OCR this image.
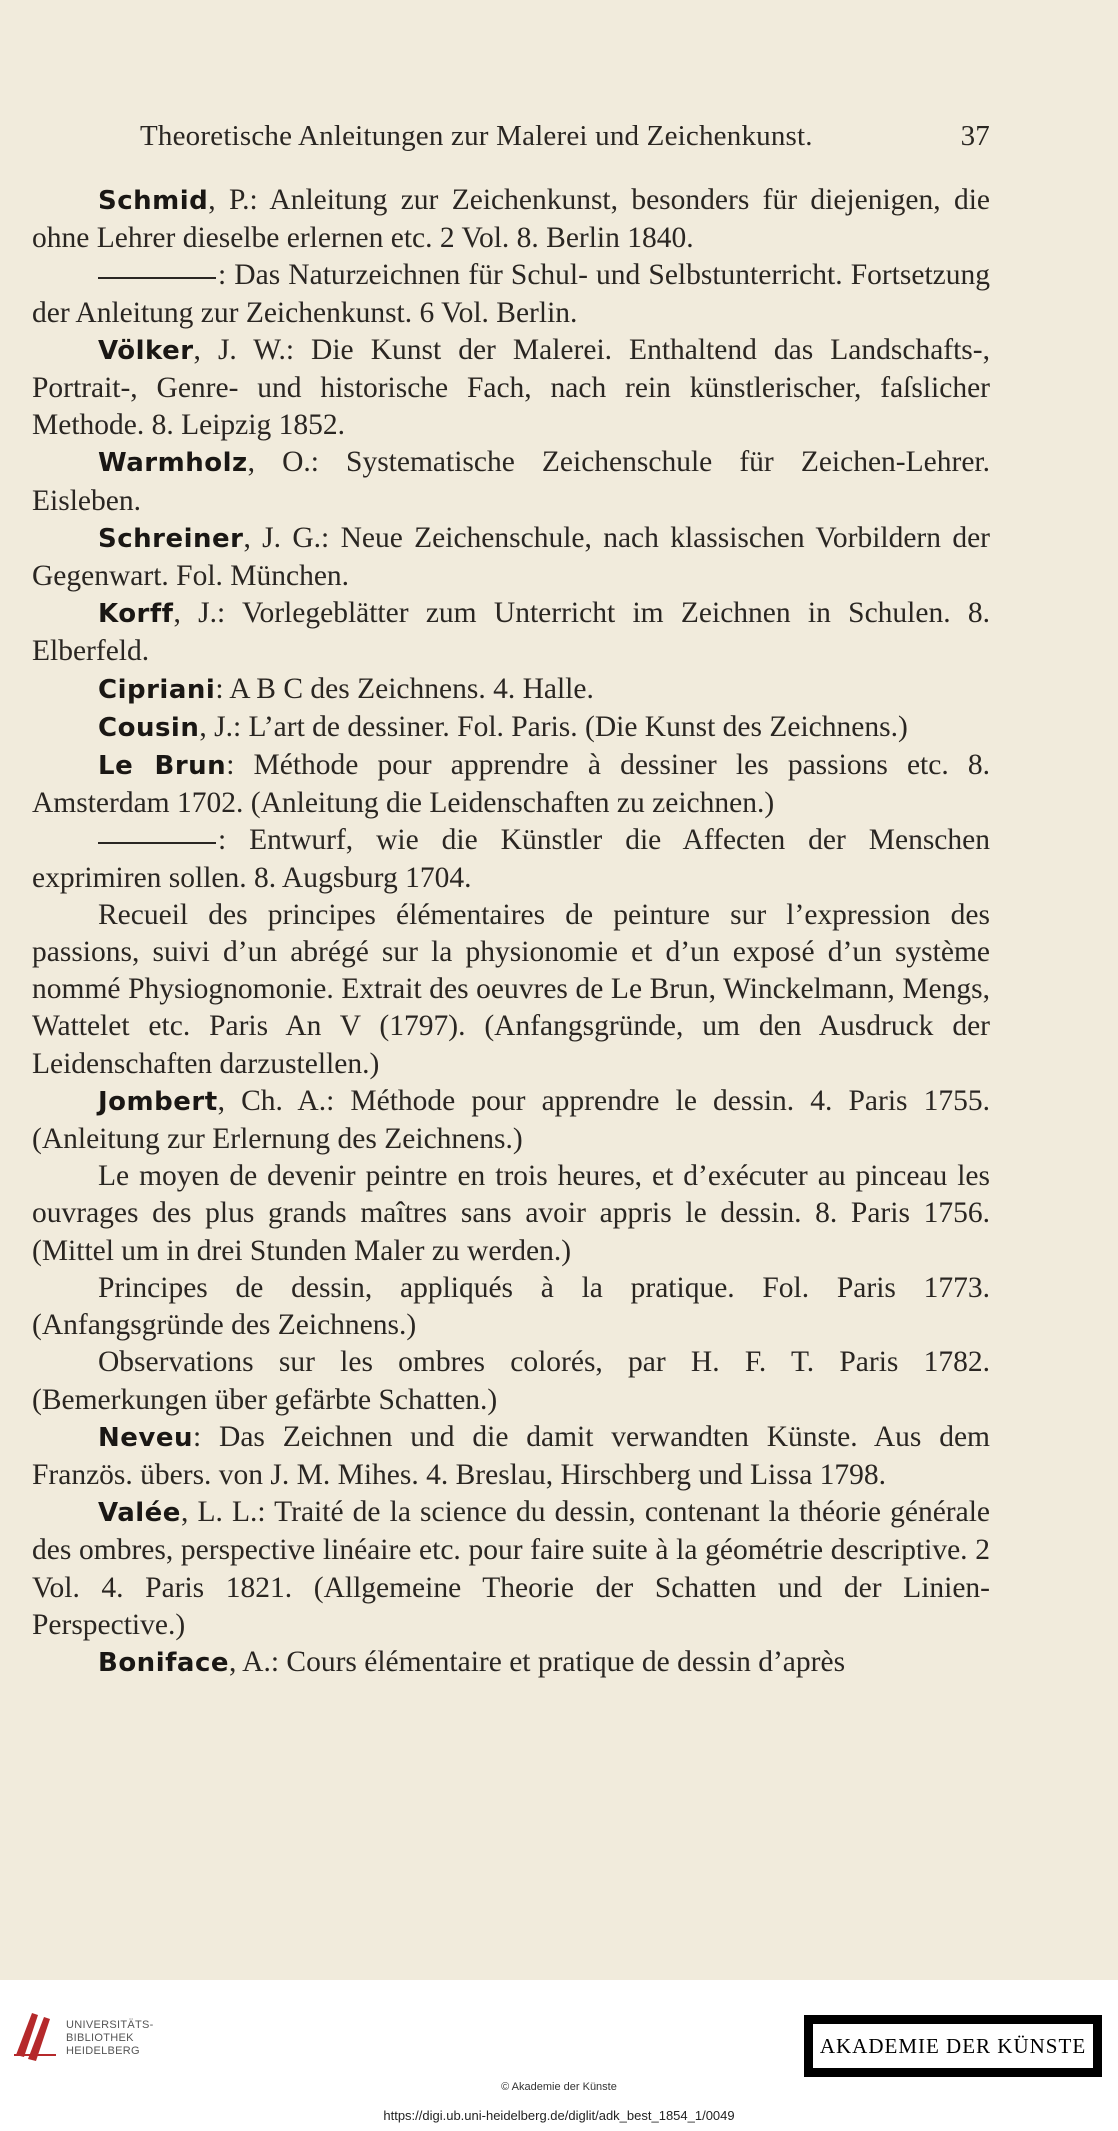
Theoretische Anleitungen zur Malerei und Zeichenkunst.	37

Schmid, P.: Anleitung zur Zeichenkunst, besonders für diejenigen, die ohne Lehrer dieselbe erlernen etc. 2 Vol. 8. Berlin 1840.

: Das Naturzeichnen für Schul- und Selbstunterricht. Fortsetzung der Anleitung zur Zeichenkunst. 6 Vol. Berlin.

Völker, J. W.: Die Kunst der Malerei. Enthaltend das Landschafts-, Portrait-, Genre- und historische Fach, nach rein künstlerischer, faſslicher Methode. 8. Leipzig 1852.

Warmholz, O.: Systematische Zeichenschule für Zeichen-Lehrer. Eisleben.

Schreiner, J. G.: Neue Zeichenschule, nach klassischen Vorbildern der Gegenwart. Fol. München.

Korff, J.: Vorlegeblätter zum Unterricht im Zeichnen in Schulen. 8. Elberfeld.

Cipriani: A B C des Zeichnens. 4. Halle.

Cousin, J.: L’art de dessiner. Fol. Paris. (Die Kunst des Zeichnens.)

Le Brun: Méthode pour apprendre à dessiner les passions etc. 8. Amsterdam 1702. (Anleitung die Leidenschaften zu zeichnen.)

: Entwurf, wie die Künstler die Affecten der Menschen exprimiren sollen. 8. Augsburg 1704.

Recueil des principes élémentaires de peinture sur l’expression des passions, suivi d’un abrégé sur la physionomie et d’un exposé d’un système nommé Physiognomonie. Extrait des oeuvres de Le Brun, Winckelmann, Mengs, Wattelet etc. Paris An V (1797). (Anfangsgründe, um den Ausdruck der Leidenschaften darzustellen.)

Jombert, Ch. A.: Méthode pour apprendre le dessin. 4. Paris 1755. (Anleitung zur Erlernung des Zeichnens.)

Le moyen de devenir peintre en trois heures, et d’exécuter au pinceau les ouvrages des plus grands maîtres sans avoir appris le dessin. 8. Paris 1756. (Mittel um in drei Stunden Maler zu werden.)

Principes de dessin, appliqués à la pratique. Fol. Paris 1773. (Anfangsgründe des Zeichnens.)

Observations sur les ombres colorés, par H. F. T. Paris 1782. (Bemerkungen über gefärbte Schatten.)

Neveu: Das Zeichnen und die damit verwandten Künste. Aus dem Französ. übers. von J. M. Mihes. 4. Breslau, Hirschberg und Lissa 1798.

Valée, L. L.: Traité de la science du dessin, contenant la théorie générale des ombres, perspective linéaire etc. pour faire suite à la géométrie descriptive. 2 Vol. 4. Paris 1821. (Allgemeine Theorie der Schatten und der Linien-Perspective.)

Boniface, A.: Cours élémentaire et pratique de dessin d’après

UNIVERSITÄTS-
BIBLIOTHEK
HEIDELBERG	AKADEMIE DER KÜNSTE
© Akademie der Künste
https://digi.ub.uni-heidelberg.de/diglit/adk_best_1854_1/0049
